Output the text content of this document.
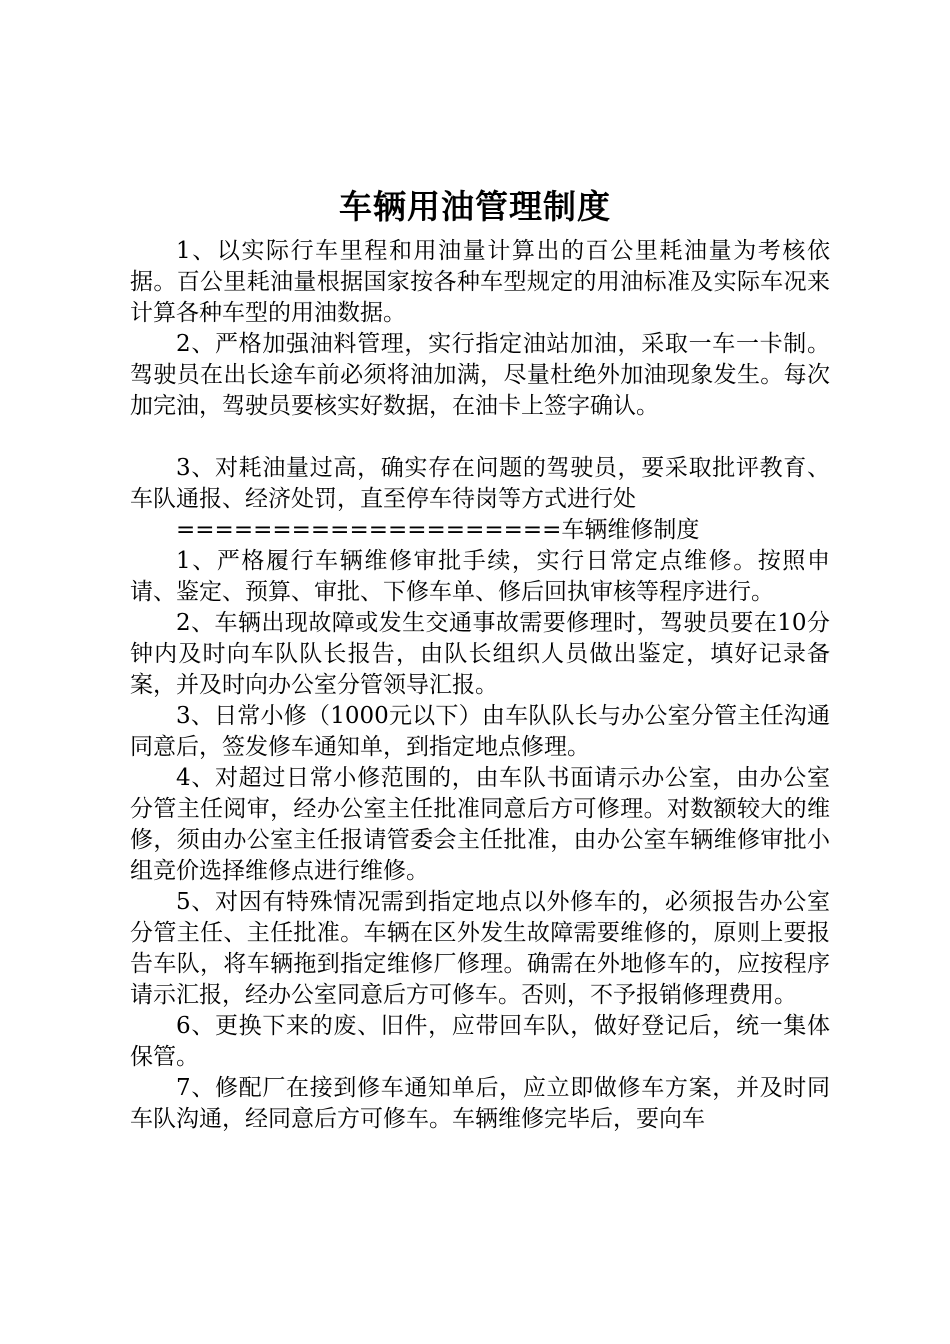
车辆用油管理制度

1、以实际行车里程和用油量计算出的百公里耗油量为考核依据。百公里耗油量根据国家按各种车型规定的用油标准及实际车况来计算各种车型的用油数据。

2、严格加强油料管理，实行指定油站加油，采取一车一卡制。驾驶员在出长途车前必须将油加满，尽量杜绝外加油现象发生。每次加完油，驾驶员要核实好数据，在油卡上签字确认。

3、对耗油量过高，确实存在问题的驾驶员，要采取批评教育、车队通报、经济处罚，直至停车待岗等方式进行处

====================车辆维修制度

1、严格履行车辆维修审批手续，实行日常定点维修。按照申请、鉴定、预算、审批、下修车单、修后回执审核等程序进行。

2、车辆出现故障或发生交通事故需要修理时，驾驶员要在10分钟内及时向车队队长报告，由队长组织人员做出鉴定，填好记录备案，并及时向办公室分管领导汇报。

3、日常小修（1000元以下）由车队队长与办公室分管主任沟通同意后，签发修车通知单，到指定地点修理。

4、对超过日常小修范围的，由车队书面请示办公室，由办公室分管主任阅审，经办公室主任批准同意后方可修理。对数额较大的维修，须由办公室主任报请管委会主任批准，由办公室车辆维修审批小组竞价选择维修点进行维修。

5、对因有特殊情况需到指定地点以外修车的，必须报告办公室分管主任、主任批准。车辆在区外发生故障需要维修的，原则上要报告车队，将车辆拖到指定维修厂修理。确需在外地修车的，应按程序请示汇报，经办公室同意后方可修车。否则，不予报销修理费用。

6、更换下来的废、旧件，应带回车队，做好登记后，统一集体保管。

7、修配厂在接到修车通知单后，应立即做修车方案，并及时同车队沟通，经同意后方可修车。车辆维修完毕后，要向车
